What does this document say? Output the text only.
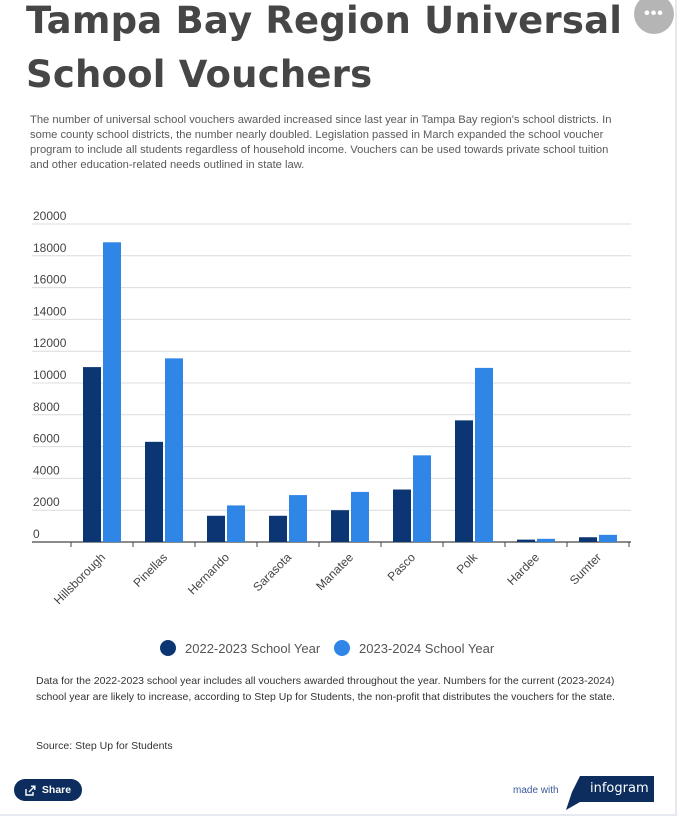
Tampa Bay Region Universal School Vouchers
•••

The number of universal school vouchers awarded increased since last year in Tampa Bay region's school districts. In some county school districts, the number nearly doubled. Legislation passed in March expanded the school voucher program to include all students regardless of household income. Vouchers can be used towards private school tuition and other education-related needs outlined in state law.

0
2000
4000
6000
8000
10000
12000
14000
16000
18000
20000
Hillsborough Pinellas Hernando Sarasota Manatee Pasco	Polk Hardee Sumter
2022-2023 School Year	2023-2024 School Year

Data for the 2022-2023 school year includes all vouchers awarded throughout the year. Numbers for the current (2023-2024) school year are likely to increase, according to Step Up for Students, the non-profit that distributes the vouchers for the state.

Source: Step Up for Students
Share	made with infogram
